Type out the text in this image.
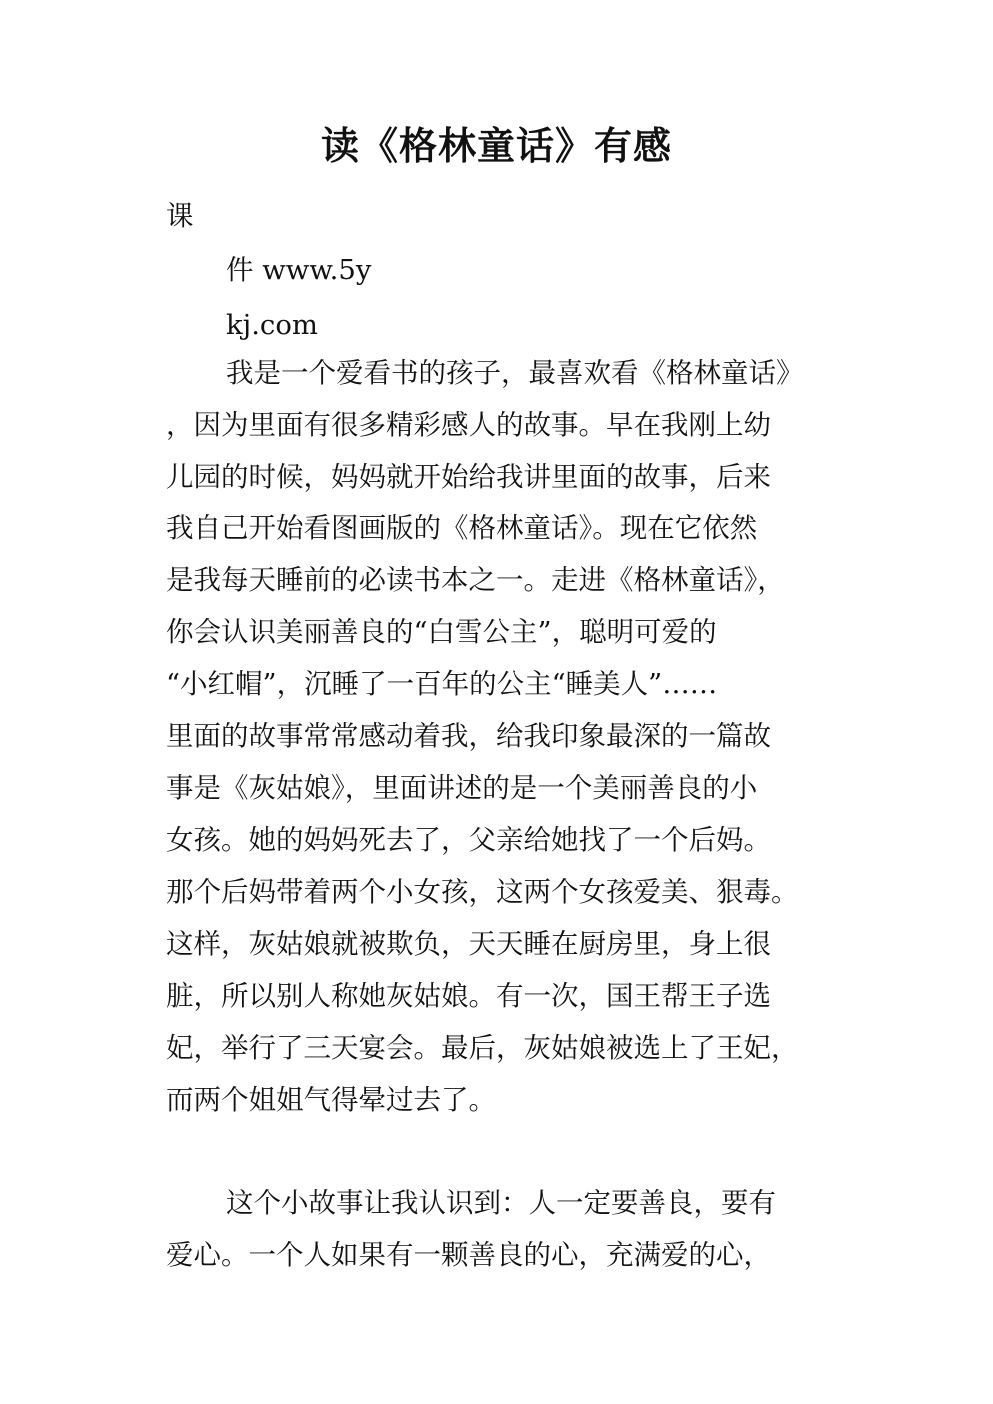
读《格林童话》有感
课
件 www.5y
kj.com
我是一个爱看书的孩子，最喜欢看《格林童话》
，因为里面有很多精彩感人的故事。早在我刚上幼
儿园的时候，妈妈就开始给我讲里面的故事，后来
我自己开始看图画版的《格林童话》。现在它依然
是我每天睡前的必读书本之一。走进《格林童话》，
你会认识美丽善良的“白雪公主”，聪明可爱的
“小红帽”，沉睡了一百年的公主“睡美人”……
里面的故事常常感动着我，给我印象最深的一篇故
事是《灰姑娘》，里面讲述的是一个美丽善良的小
女孩。她的妈妈死去了，父亲给她找了一个后妈。
那个后妈带着两个小女孩，这两个女孩爱美、狠毒。
这样，灰姑娘就被欺负，天天睡在厨房里，身上很
脏，所以别人称她灰姑娘。有一次，国王帮王子选
妃，举行了三天宴会。最后，灰姑娘被选上了王妃，
而两个姐姐气得晕过去了。
这个小故事让我认识到：人一定要善良，要有
爱心。一个人如果有一颗善良的心，充满爱的心，
